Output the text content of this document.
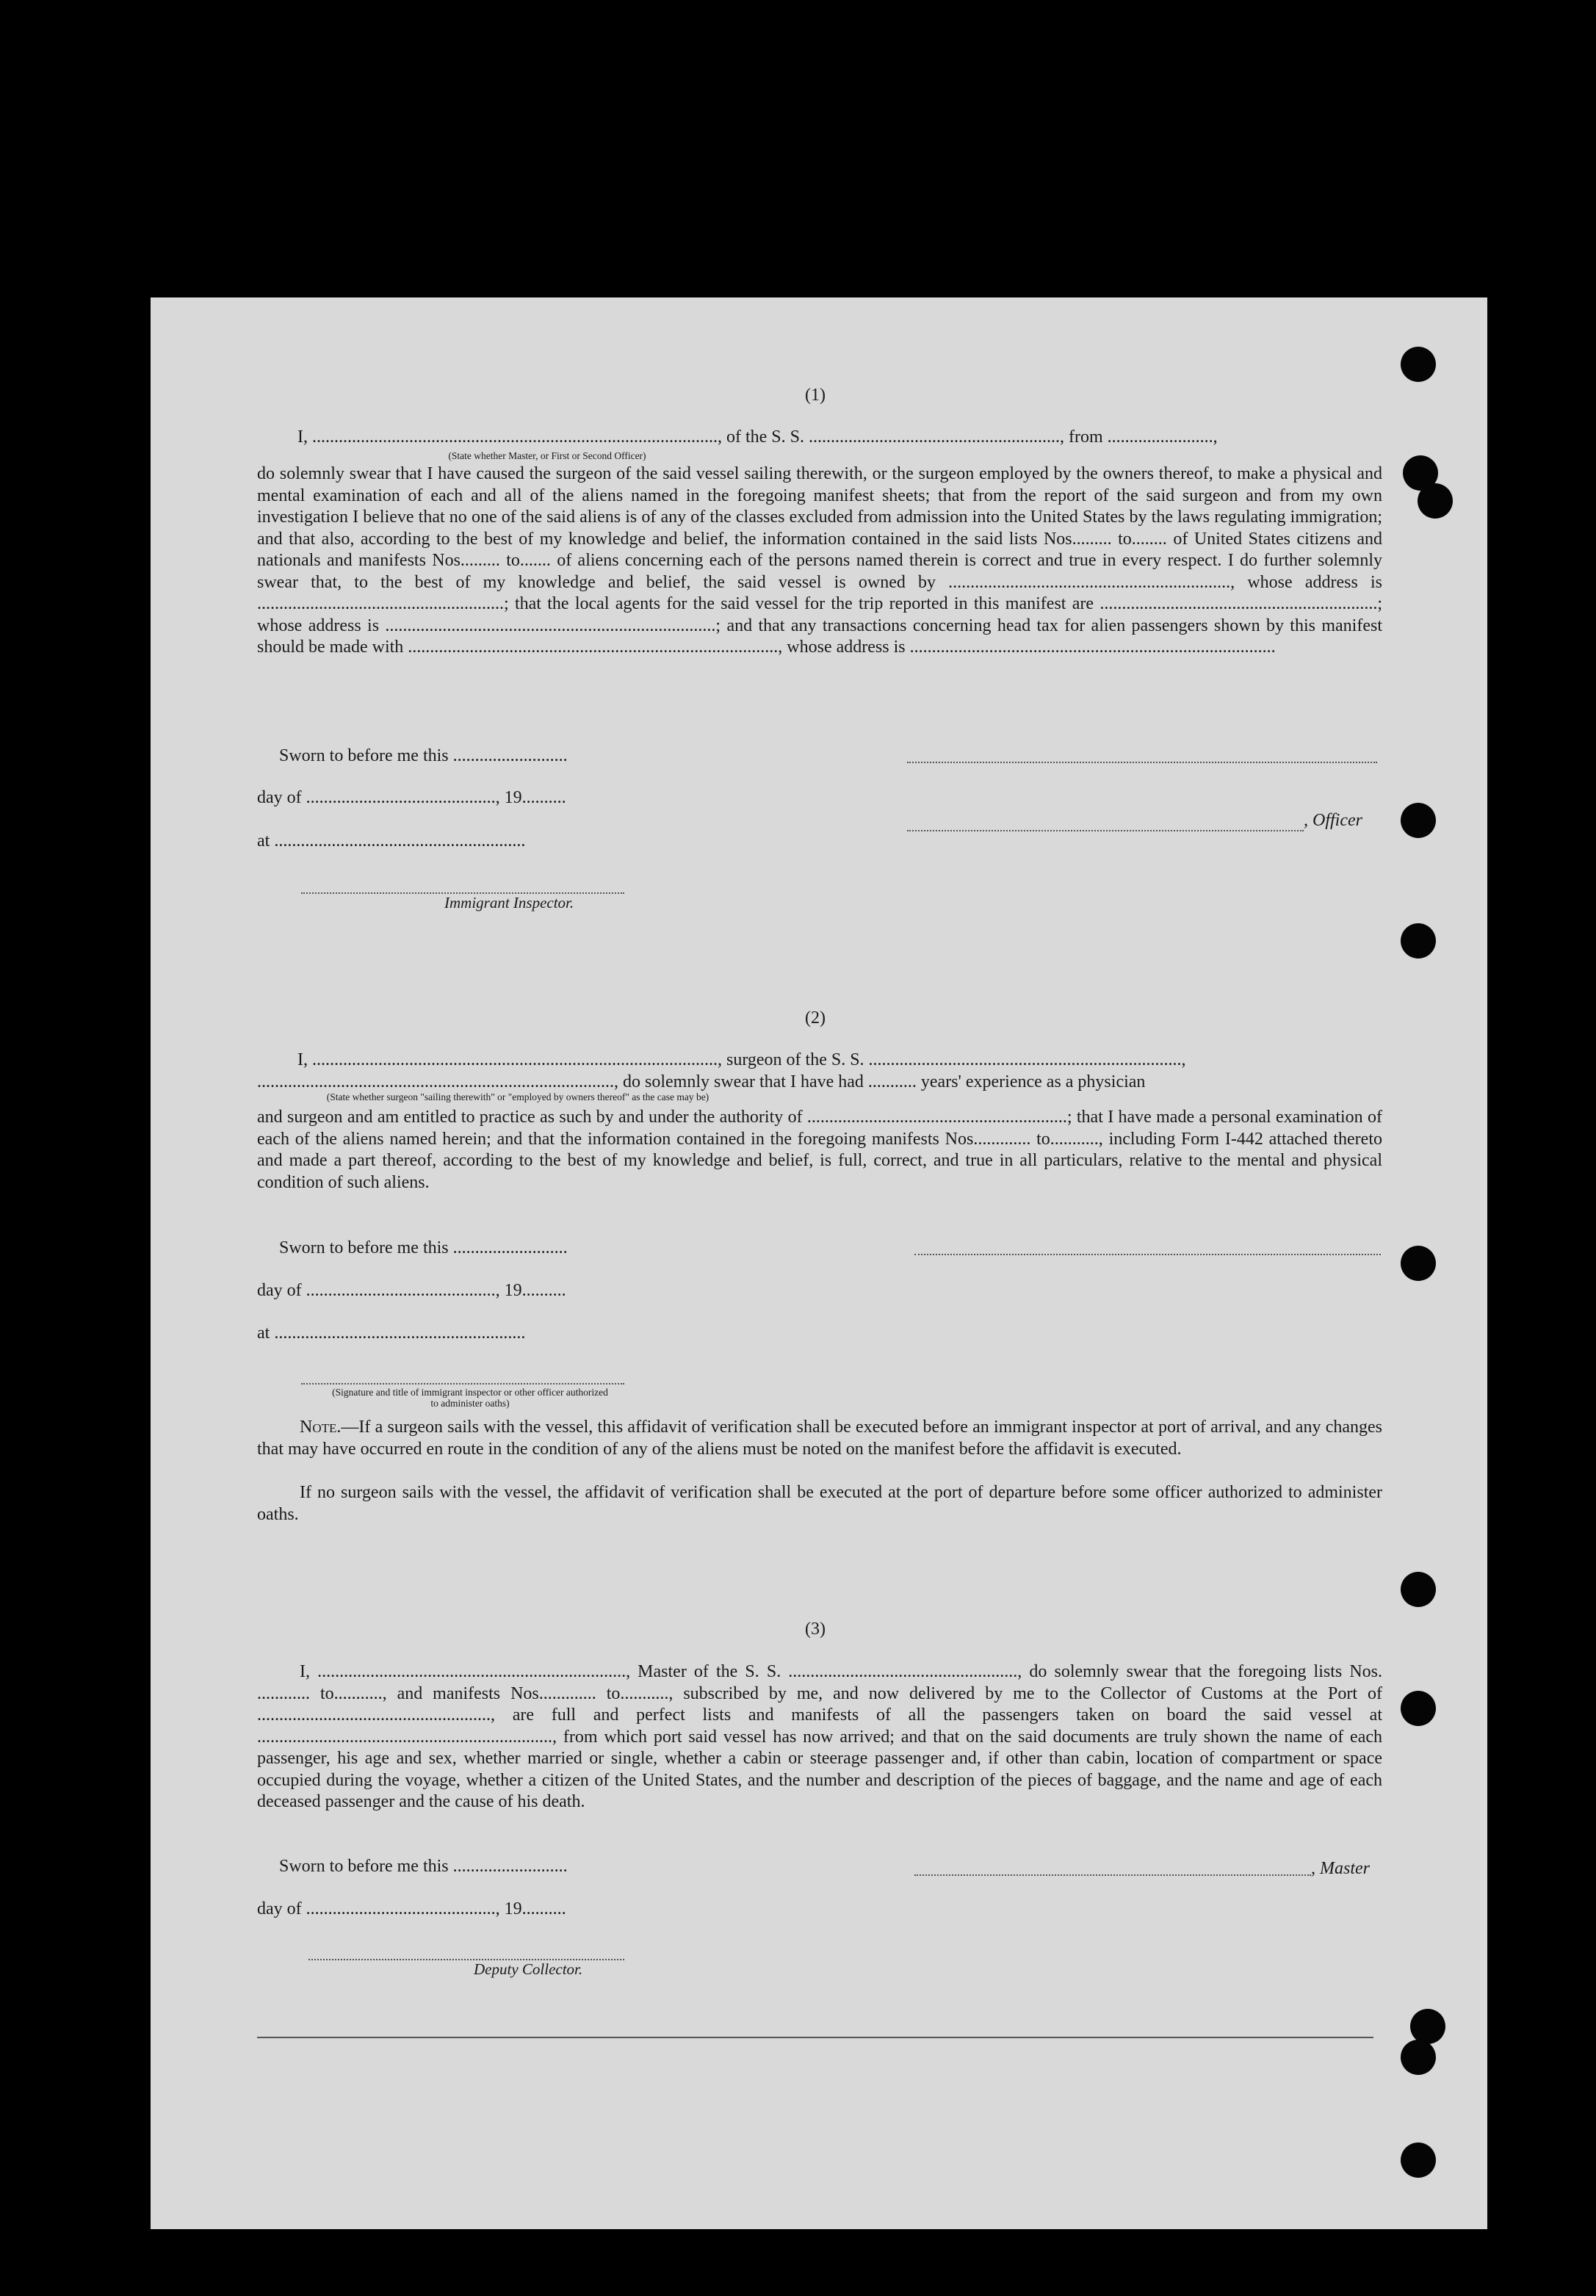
(1)
I, ............................................................................................, of the S. S. ........................................................., from ........................,
(State whether Master, or First or Second Officer)
do solemnly swear that I have caused the surgeon of the said vessel sailing therewith, or the surgeon employed by the owners thereof, to make a physical and mental examination of each and all of the aliens named in the foregoing manifest sheets; that from the report of the said surgeon and from my own investigation I believe that no one of the said aliens is of any of the classes excluded from admission into the United States by the laws regulating immigration; and that also, according to the best of my knowledge and belief, the information contained in the said lists Nos......... to........ of United States citizens and nationals and manifests Nos......... to....... of aliens concerning each of the persons named therein is correct and true in every respect. I do further solemnly swear that, to the best of my knowledge and belief, the said vessel is owned by ................................................................, whose address is ........................................................; that the local agents for the said vessel for the trip reported in this manifest are ...............................................................; whose address is ...........................................................................; and that any transactions concerning head tax for alien passengers shown by this manifest should be made with ...................................................................................., whose address is ...................................................................................
Sworn to before me this ..........................
day of ..........................................., 19..........
, Officer
at .........................................................
Immigrant Inspector.
(2)
I, ............................................................................................, surgeon of the S. S. .......................................................................,
................................................................................., do solemnly swear that I have had ........... years' experience as a physician
(State whether surgeon "sailing therewith" or "employed by owners thereof" as the case may be)
and surgeon and am entitled to practice as such by and under the authority of ...........................................................; that I have made a personal examination of each of the aliens named herein; and that the information contained in the foregoing manifests Nos............. to..........., including Form I-442 attached thereto and made a part thereof, according to the best of my knowledge and belief, is full, correct, and true in all particulars, relative to the mental and physical condition of such aliens.
Sworn to before me this ..........................
day of ..........................................., 19..........
at .........................................................
(Signature and title of immigrant inspector or other officer authorized to administer oaths)
Note.—If a surgeon sails with the vessel, this affidavit of verification shall be executed before an immigrant inspector at port of arrival, and any changes that may have occurred en route in the condition of any of the aliens must be noted on the manifest before the affidavit is executed.
If no surgeon sails with the vessel, the affidavit of verification shall be executed at the port of departure before some officer authorized to administer oaths.
(3)
I, ......................................................................, Master of the S. S. ...................................................., do solemnly swear that the foregoing lists Nos. ............ to..........., and manifests Nos............. to..........., subscribed by me, and now delivered by me to the Collector of Customs at the Port of ....................................................., are full and perfect lists and manifests of all the passengers taken on board the said vessel at ..................................................................., from which port said vessel has now arrived; and that on the said documents are truly shown the name of each passenger, his age and sex, whether married or single, whether a cabin or steerage passenger and, if other than cabin, location of compartment or space occupied during the voyage, whether a citizen of the United States, and the number and description of the pieces of baggage, and the name and age of each deceased passenger and the cause of his death.
Sworn to before me this ..........................	, Master
day of ..........................................., 19..........
Deputy Collector.
